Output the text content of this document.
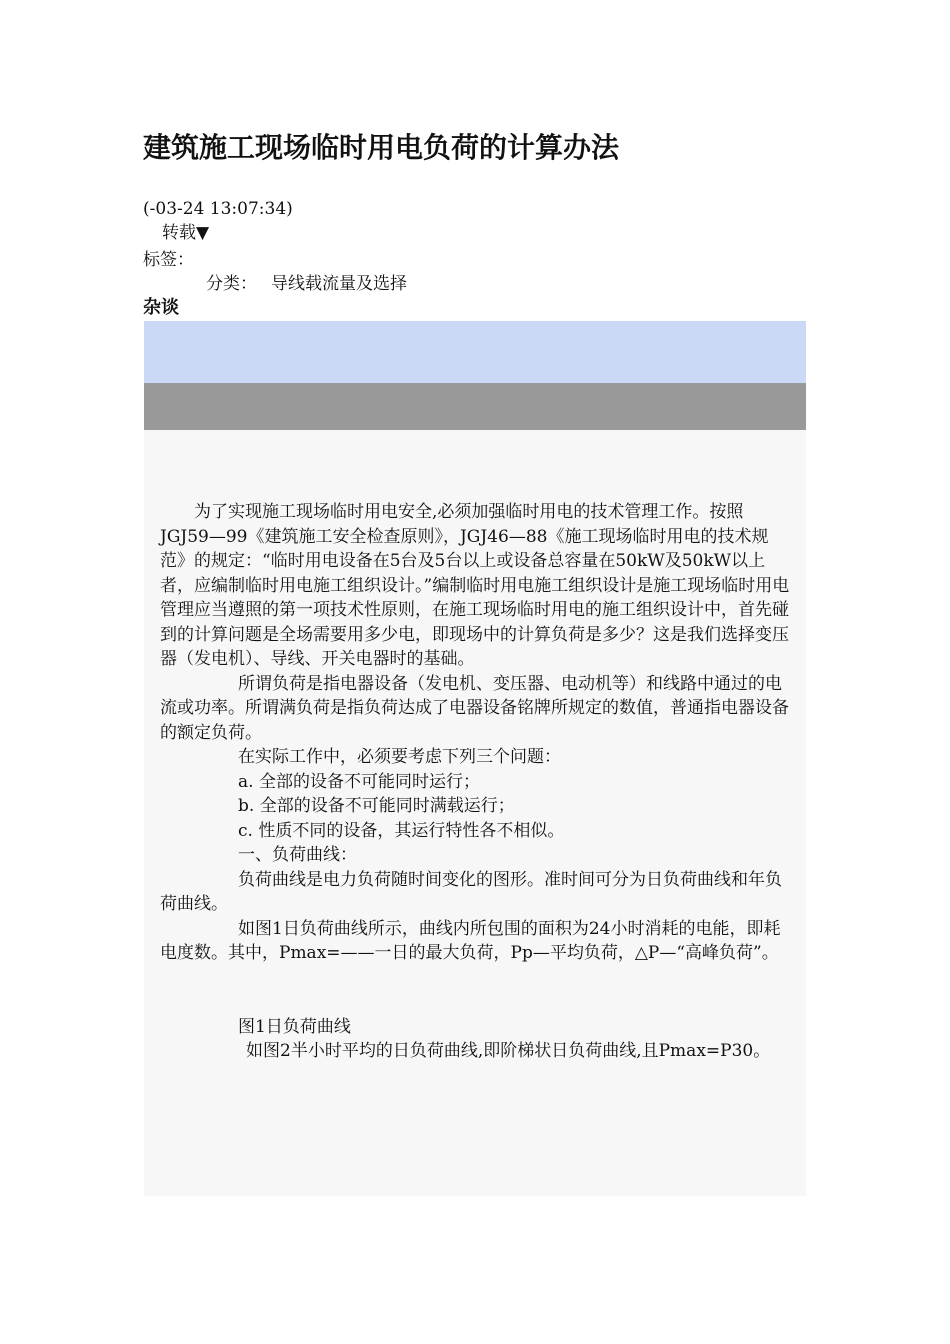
建筑施工现场临时用电负荷的计算办法
(-03-24 13:07:34)
转载▼
标签：
分类： 导线载流量及选择
杂谈

为了实现施工现场临时用电安全,必须加强临时用电的技术管理工作。按照JGJ59—99《建筑施工安全检查原则》，JGJ46—88《施工现场临时用电的技术规范》的规定：“临时用电设备在5台及5台以上或设备总容量在50kW及50kW以上者，应编制临时用电施工组织设计。”编制临时用电施工组织设计是施工现场临时用电管理应当遵照的第一项技术性原则，在施工现场临时用电的施工组织设计中，首先碰到的计算问题是全场需要用多少电，即现场中的计算负荷是多少？这是我们选择变压器（发电机）、导线、开关电器时的基础。

所谓负荷是指电器设备（发电机、变压器、电动机等）和线路中通过的电流或功率。所谓满负荷是指负荷达成了电器设备铭牌所规定的数值，普通指电器设备的额定负荷。

在实际工作中，必须要考虑下列三个问题：

a. 全部的设备不可能同时运行；

b. 全部的设备不可能同时满载运行；

c. 性质不同的设备，其运行特性各不相似。

一、负荷曲线：

负荷曲线是电力负荷随时间变化的图形。准时间可分为日负荷曲线和年负荷曲线。

如图1日负荷曲线所示，曲线内所包围的面积为24小时消耗的电能，即耗电度数。其中，Pmax=——一日的最大负荷，Pp—平均负荷，△P—“高峰负荷”。

图1日负荷曲线

如图2半小时平均的日负荷曲线,即阶梯状日负荷曲线,且Pmax=P30。
